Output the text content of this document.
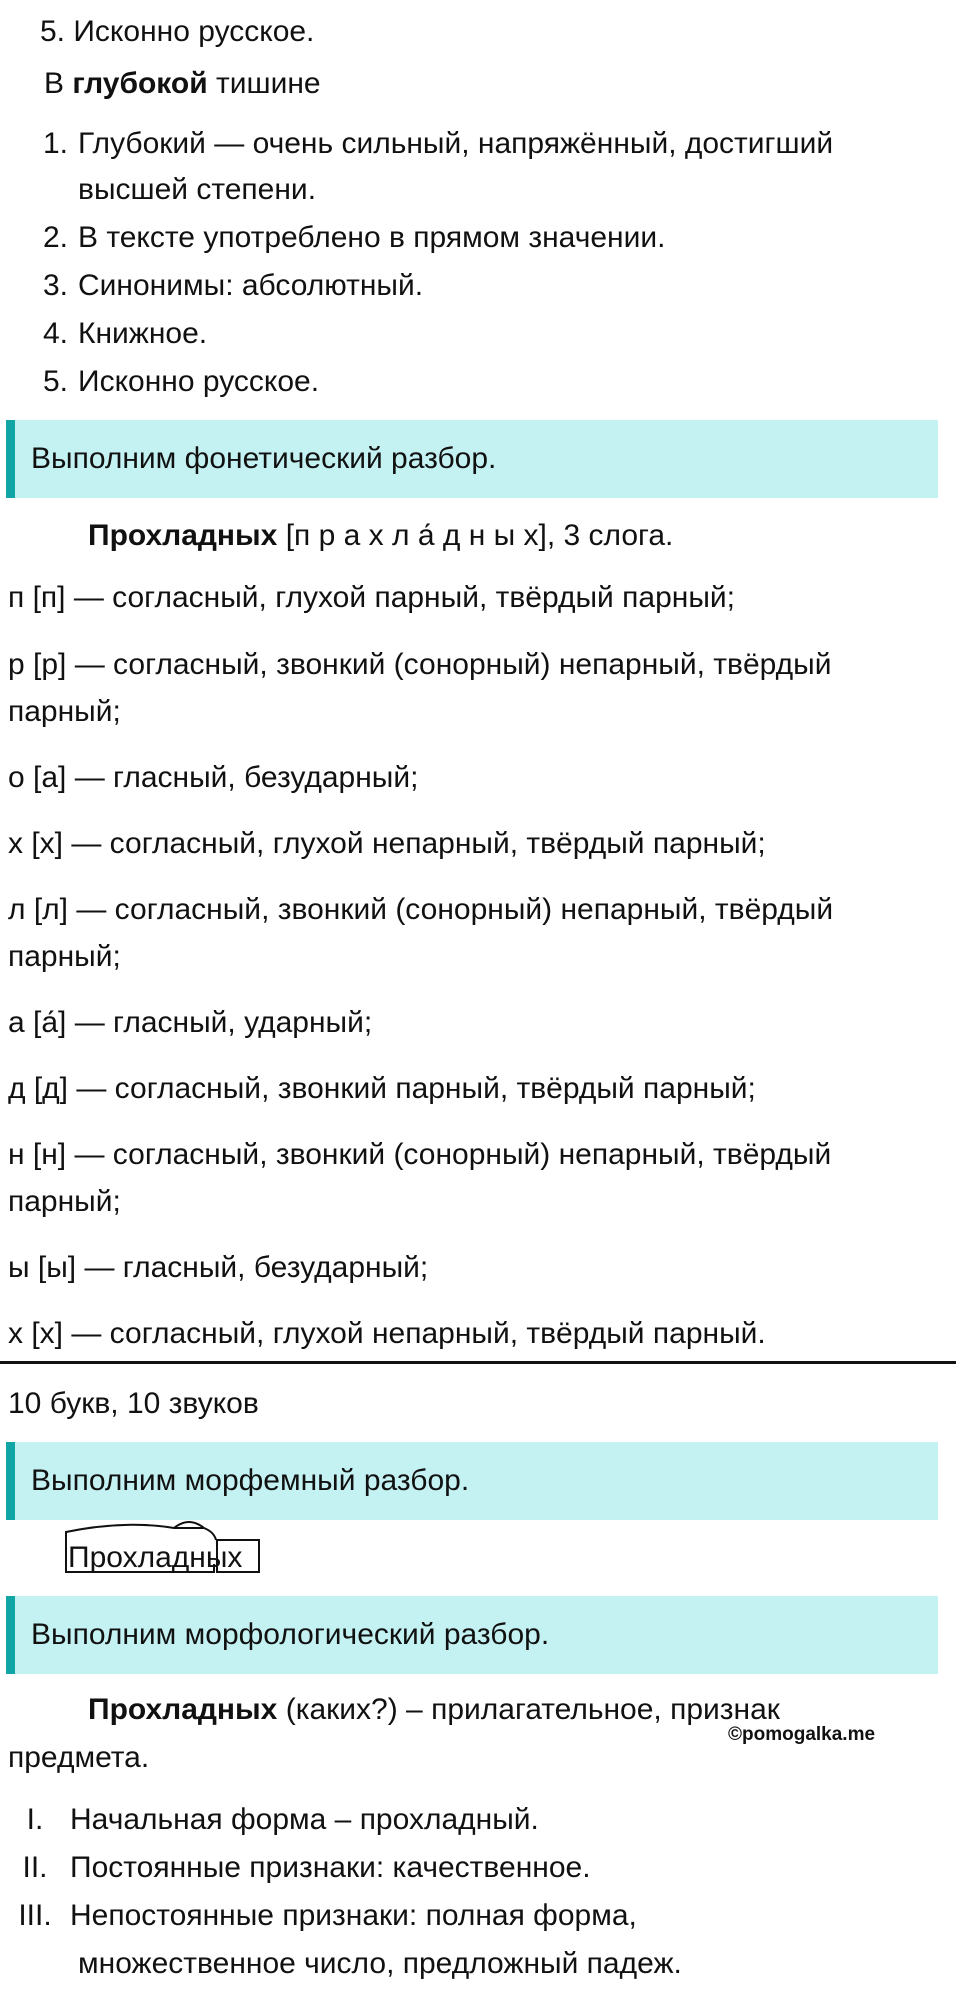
5. Исконно русское.
В глубокой тишине
1. Глубокий — очень сильный, напряжённый, достигший
высшей степени.
2. В тексте употреблено в прямом значении.
3. Синонимы: абсолютный.
4. Книжное.
5. Исконно русское.
Выполним фонетический разбор.
Прохладных [п р а х л а́ д н ы х], 3 слога.
п [п] — согласный, глухой парный, твёрдый парный;
р [р] — согласный, звонкий (сонорный) непарный, твёрдый
парный;
о [а] — гласный, безударный;
х [х] — согласный, глухой непарный, твёрдый парный;
л [л] — согласный, звонкий (сонорный) непарный, твёрдый
парный;
а [а́] — гласный, ударный;
д [д] — согласный, звонкий парный, твёрдый парный;
н [н] — согласный, звонкий (сонорный) непарный, твёрдый
парный;
ы [ы] — гласный, безударный;
х [х] — согласный, глухой непарный, твёрдый парный.
10 букв, 10 звуков
Выполним морфемный разбор.
Прохладных
Выполним морфологический разбор.
Прохладных (каких?) – прилагательное, признак
предмета.
©pomogalka.me
I. Начальная форма – прохладный.
II. Постоянные признаки: качественное.
III. Непостоянные признаки: полная форма,
множественное число, предложный падеж.
